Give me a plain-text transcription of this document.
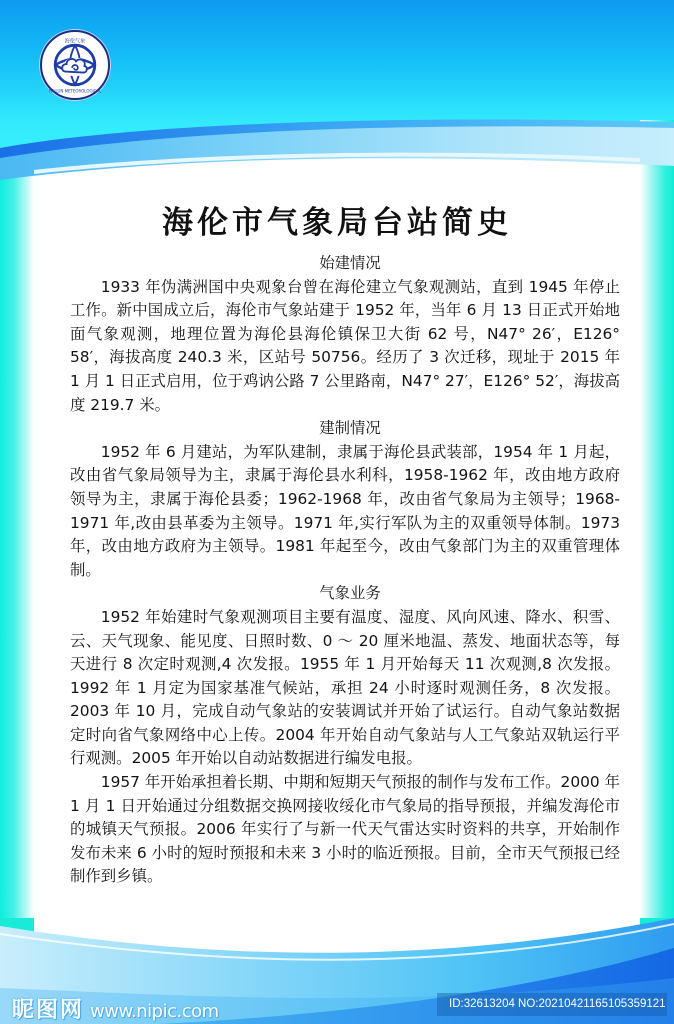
海伦气象
HAILUN METEOROLOGICAL
海伦市气象局台站简史
始建情况

1933 年伪满洲国中央观象台曾在海伦建立气象观测站，直到 1945 年停止工作。新中国成立后，海伦市气象站建于 1952 年，当年 6 月 13 日正式开始地面气象观测，地理位置为海伦县海伦镇保卫大街 62 号，N47° 26′，E126° 58′，海拔高度 240.3 米，区站号 50756。经历了 3 次迁移，现址于 2015 年 1 月 1 日正式启用，位于鸡讷公路 7 公里路南，N47° 27′，E126° 52′，海拔高度 219.7 米。

建制情况

1952 年 6 月建站，为军队建制，隶属于海伦县武装部，1954 年 1 月起，改由省气象局领导为主，隶属于海伦县水利科，1958-1962 年，改由地方政府领导为主，隶属于海伦县委；1962-1968 年，改由省气象局为主领导；1968-1971 年,改由县革委为主领导。1971 年,实行军队为主的双重领导体制。1973 年，改由地方政府为主领导。1981 年起至今，改由气象部门为主的双重管理体制。

气象业务

1952 年始建时气象观测项目主要有温度、湿度、风向风速、降水、积雪、云、天气现象、能见度、日照时数、0 ～ 20 厘米地温、蒸发、地面状态等，每天进行 8 次定时观测,4 次发报。1955 年 1 月开始每天 11 次观测,8 次发报。1992 年 1 月定为国家基准气候站，承担 24 小时逐时观测任务，8 次发报。2003 年 10 月，完成自动气象站的安装调试并开始了试运行。自动气象站数据定时向省气象网络中心上传。2004 年开始自动气象站与人工气象站双轨运行平行观测。2005 年开始以自动站数据进行编发电报。

1957 年开始承担着长期、中期和短期天气预报的制作与发布工作。2000 年 1 月 1 日开始通过分组数据交换网接收绥化市气象局的指导预报，并编发海伦市的城镇天气预报。2006 年实行了与新一代天气雷达实时资料的共享，开始制作发布未来 6 小时的短时预报和未来 3 小时的临近预报。目前，全市天气预报已经制作到乡镇。

昵图网 www.nipic.com	ID:32613204 NO:20210421165105359121
